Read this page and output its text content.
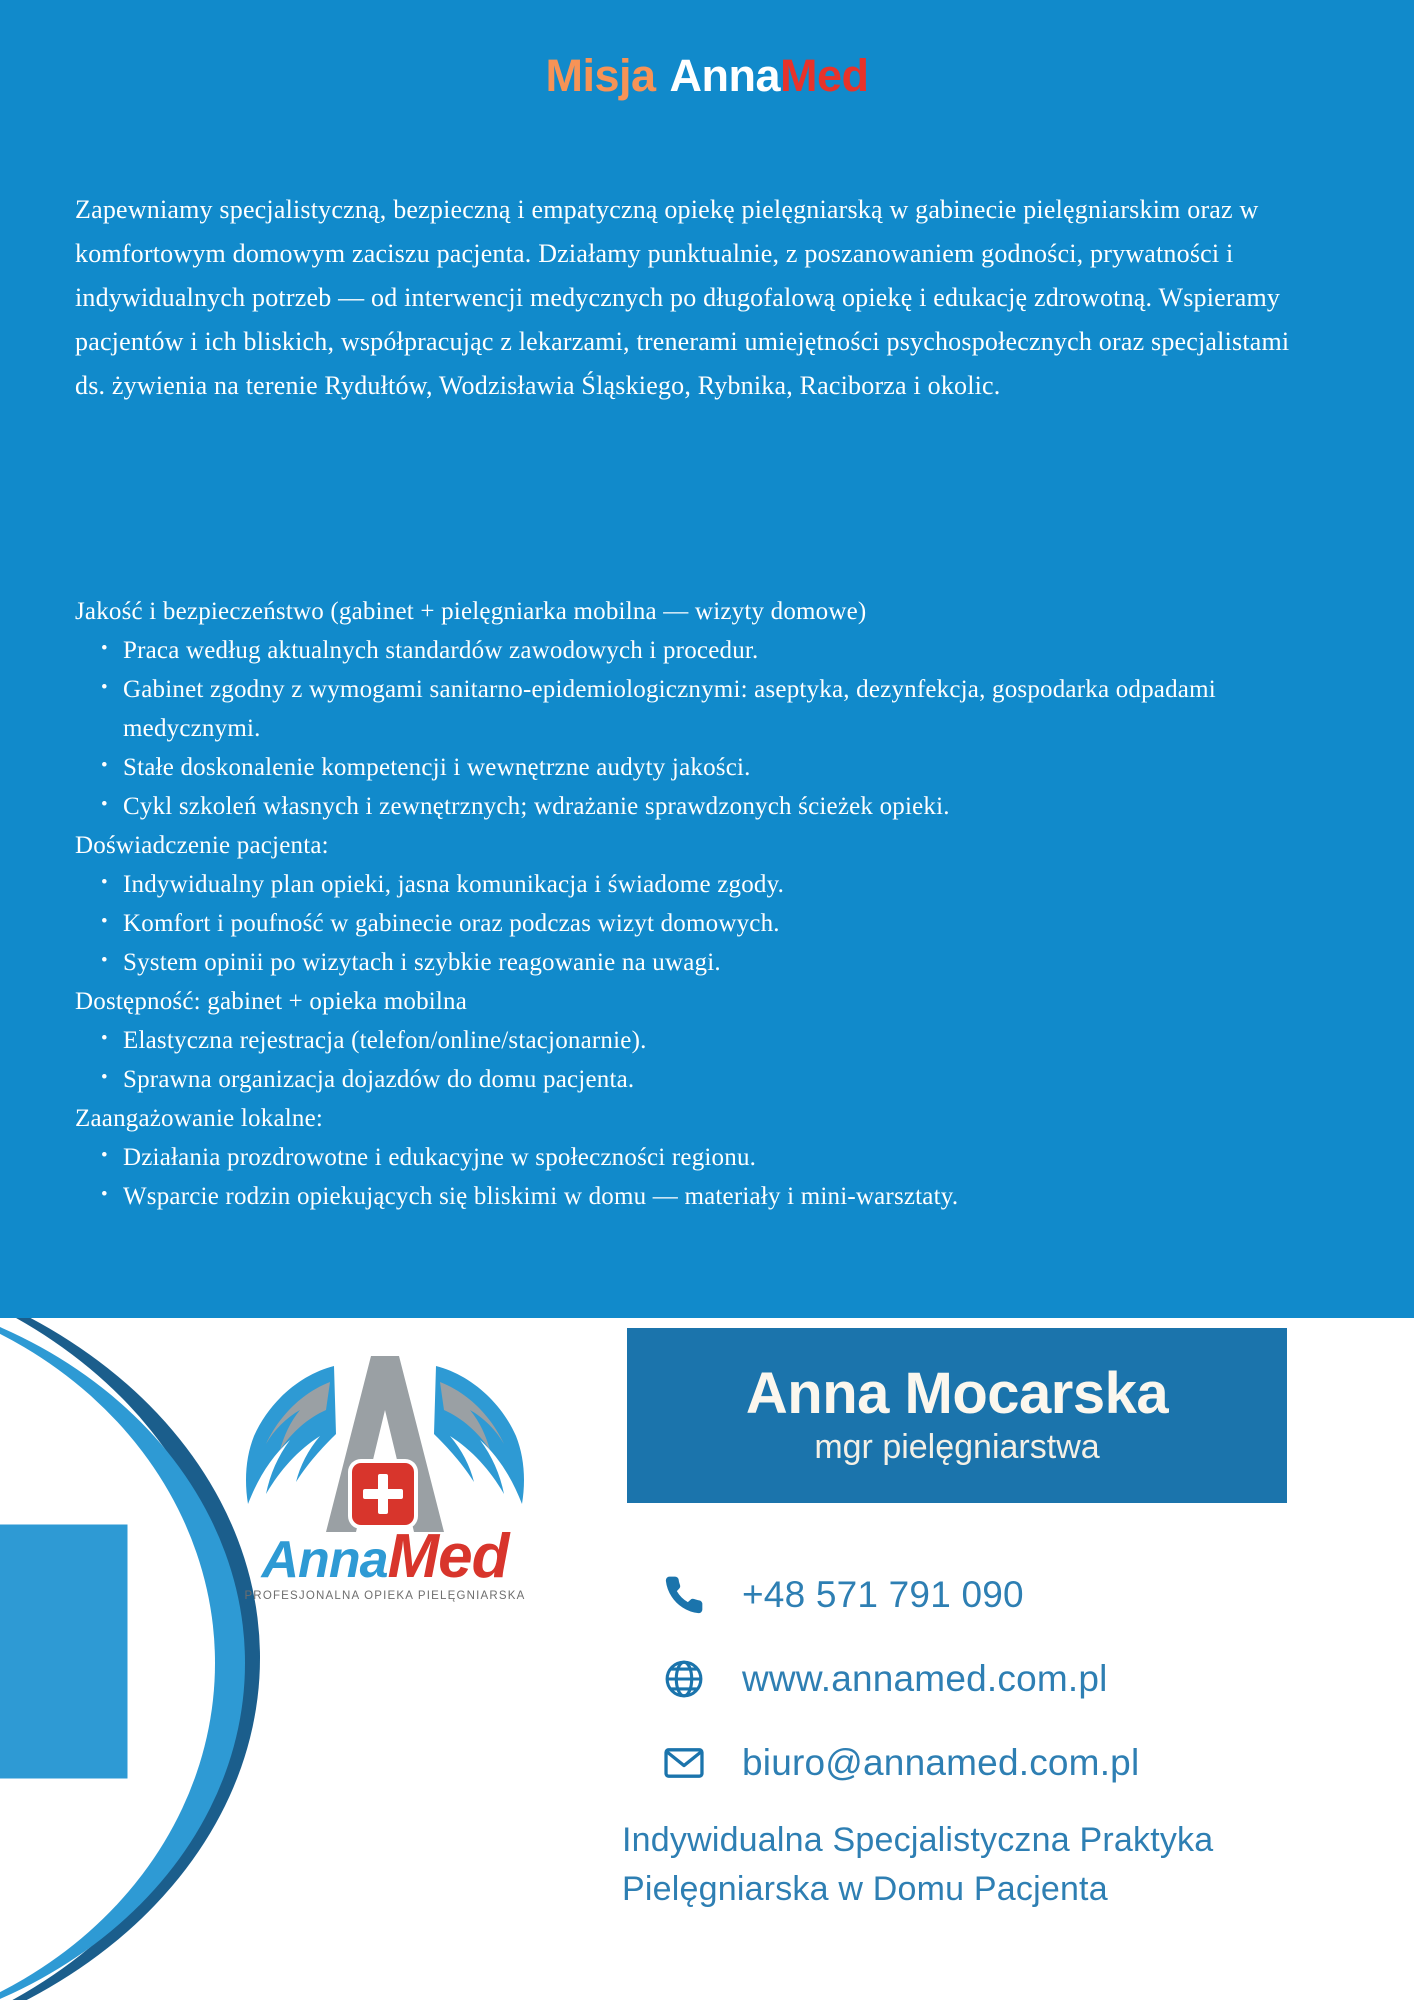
Misja AnnaMed

Zapewniamy specjalistyczną, bezpieczną i empatyczną opiekę pielęgniarską w gabinecie pielęgniarskim oraz w komfortowym domowym zaciszu pacjenta. Działamy punktualnie, z poszanowaniem godności, prywatności i indywidualnych potrzeb — od interwencji medycznych po długofalową opiekę i edukację zdrowotną. Wspieramy pacjentów i ich bliskich, współpracując z lekarzami, trenerami umiejętności psychospołecznych oraz specjalistami ds. żywienia na terenie Rydułtów, Wodzisławia Śląskiego, Rybnika, Raciborza i okolic.

Jakość i bezpieczeństwo (gabinet + pielęgniarka mobilna — wizyty domowe)
• Praca według aktualnych standardów zawodowych i procedur.
• Gabinet zgodny z wymogami sanitarno-epidemiologicznymi: aseptyka, dezynfekcja, gospodarka odpadami medycznymi.
• Stałe doskonalenie kompetencji i wewnętrzne audyty jakości.
• Cykl szkoleń własnych i zewnętrznych; wdrażanie sprawdzonych ścieżek opieki.
Doświadczenie pacjenta:
• Indywidualny plan opieki, jasna komunikacja i świadome zgody.
• Komfort i poufność w gabinecie oraz podczas wizyt domowych.
• System opinii po wizytach i szybkie reagowanie na uwagi.
Dostępność: gabinet + opieka mobilna
• Elastyczna rejestracja (telefon/online/stacjonarnie).
• Sprawna organizacja dojazdów do domu pacjenta.
Zaangażowanie lokalne:
• Działania prozdrowotne i edukacyjne w społeczności regionu.
• Wsparcie rodzin opiekujących się bliskimi w domu — materiały i mini-warsztaty.
AnnaMed
PROFESJONALNA OPIEKA PIELĘGNIARSKA
Anna Mocarska
mgr pielęgniarstwa
+48 571 791 090
www.annamed.com.pl
biuro@annamed.com.pl
Indywidualna Specjalistyczna Praktyka
Pielęgniarska w Domu Pacjenta
